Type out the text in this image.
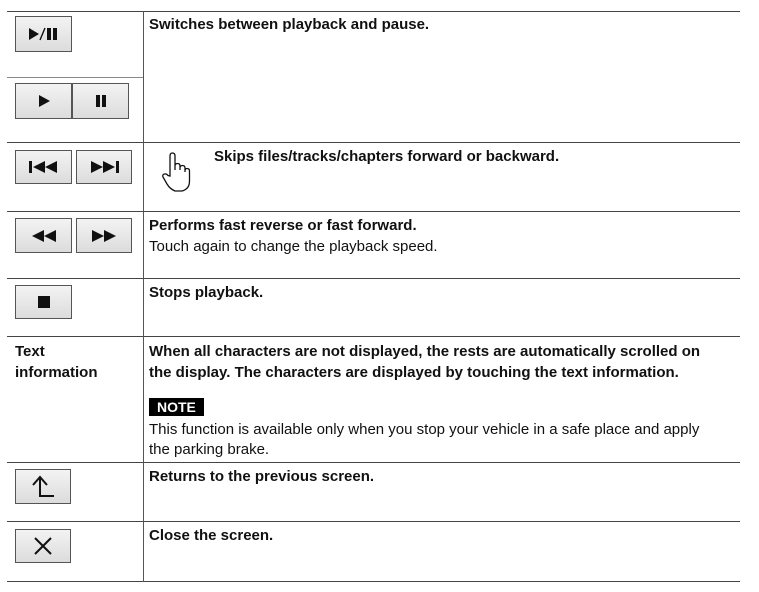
Switches between playback and pause.
Skips files/tracks/chapters forward or backward.
Performs fast reverse or fast forward.
Touch again to change the playback speed.
Stops playback.
Text
information
When all characters are not displayed, the rests are automatically scrolled on
the display. The characters are displayed by touching the text information.
NOTE
This function is available only when you stop your vehicle in a safe place and apply
the parking brake.
Returns to the previous screen.
Close the screen.
